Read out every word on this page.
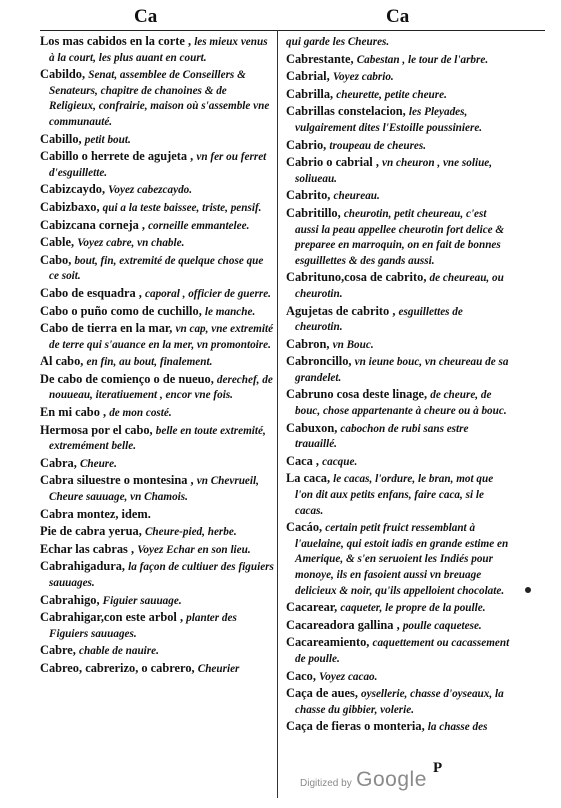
Ca	Ca

Los mas cabidos en la corte , les mieux venus à la court, les plus auant en court.

Cabildo, Senat, assemblee de Conseillers & Senateurs, chapitre de chanoines & de Religieux, confrairie, maison où s'assemble vne communauté.

Cabillo, petit bout.

Cabillo o herrete de agujeta , vn fer ou ferret d'esguillette.

Cabizcaydo, Voyez cabezcaydo.

Cabizbaxo, qui a la teste baissee, triste, pensif.

Cabizcana corneja , corneille emmantelee.

Cable, Voyez cabre, vn chable.

Cabo, bout, fin, extremité de quelque chose que ce soit.

Cabo de esquadra , caporal , officier de guerre.

Cabo o puño como de cuchillo, le manche.

Cabo de tierra en la mar, vn cap, vne extremité de terre qui s'auance en la mer, vn promontoire.

Al cabo, en fin, au bout, finalement.

De cabo de comienço o de nueuo, derechef, de nouueau, iteratiuement , encor vne fois.

En mi cabo , de mon costé.

Hermosa por el cabo, belle en toute extremité, extremément belle.

Cabra, Cheure.

Cabra siluestre o montesina , vn Chevrueil, Cheure sauuage, vn Chamois.

Cabra montez, idem.

Pie de cabra yerua, Cheure-pied, herbe.

Echar las cabras , Voyez Echar en son lieu.

Cabrahigadura, la façon de cultiuer des figuiers sauuages.

Cabrahigo, Figuier sauuage.

Cabrahigar,con este arbol , planter des Figuiers sauuages.

Cabre, chable de nauire.

Cabreo, cabrerizo, o cabrero, Cheurier

qui garde les Cheures.

Cabrestante, Cabestan , le tour de l'arbre.

Cabrial, Voyez cabrio.

Cabrilla, cheurette, petite cheure.

Cabrillas constelacion, les Pleyades, vulgairement dites l'Estoille poussiniere.

Cabrio, troupeau de cheures.

Cabrio o cabrial , vn cheuron , vne soliue, soliueau.

Cabrito, cheureau.

Cabritillo, cheurotin, petit cheureau, c'est aussi la peau appellee cheurotin fort delice & preparee en marroquin, on en fait de bonnes esguillettes & des gands aussi.

Cabrituno,cosa de cabrito, de cheureau, ou cheurotin.

Agujetas de cabrito , esguillettes de cheurotin.

Cabron, vn Bouc.

Cabroncillo, vn ieune bouc, vn cheureau de sa grandelet.

Cabruno cosa deste linage, de cheure, de bouc, chose appartenante à cheure ou à bouc.

Cabuxon, cabochon de rubi sans estre trauaillé.

Caca , cacque.

La caca, le cacas, l'ordure, le bran, mot que l'on dit aux petits enfans, faire caca, si le cacas.

Cacáo, certain petit fruict ressemblant à l'auelaine, qui estoit iadis en grande estime en Amerique, & s'en seruoient les Indiés pour monoye, ils en fasoient aussi vn breuage delicieux & noir, qu'ils appelloient chocolate.

Cacarear, caqueter, le propre de la poulle.

Cacareadora gallina , poulle caquetese.

Cacareamiento, caquettement ou cacassement de poulle.

Caco, Voyez cacao.

Caça de aues, oysellerie, chasse d'oyseaux, la chasse du gibbier, volerie.

Caça de fieras o monteria, la chasse des

Digitized by Google P
